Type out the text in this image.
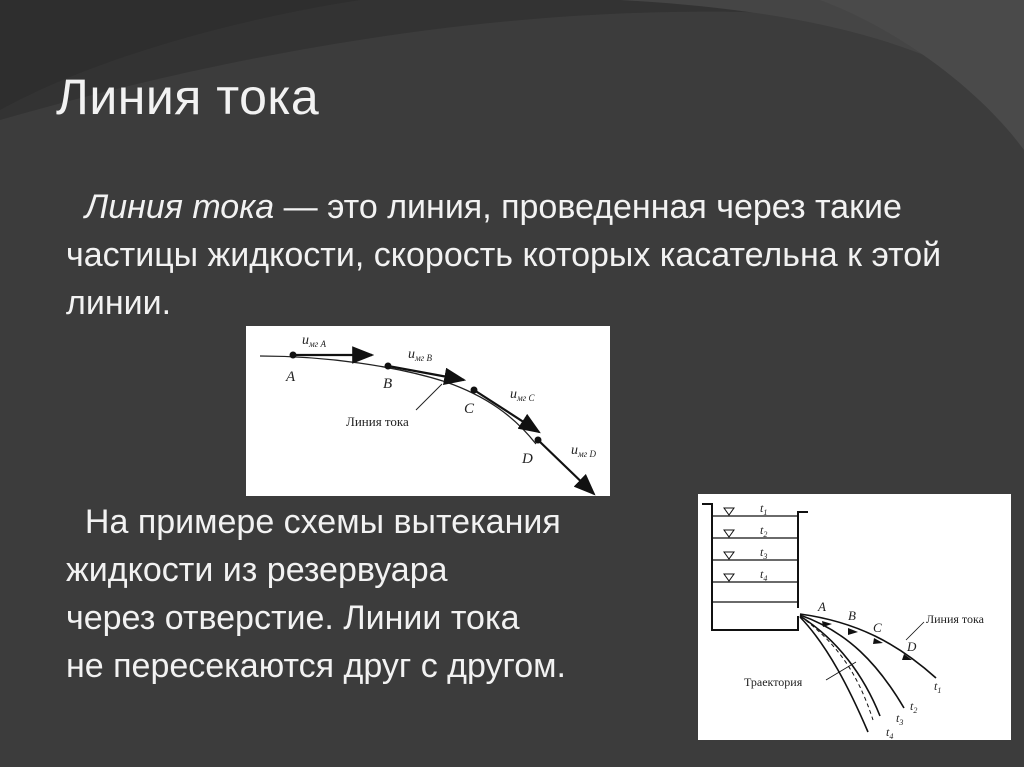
Линия тока
Линия тока — это линия, проведенная через такие частицы жидкости, скорость которых касательна к этой линии.
A	B
C
D
uмг A
uмг B
uмг C
uмг D
Линия тока
На примере схемы вытекания
жидкости из резервуара
через отверстие. Линии тока
не пересекаются друг с другом.
t1
t2
t3
t4
A
B
C
D
Линия тока
Траектория	t1
t2
t3
t4
